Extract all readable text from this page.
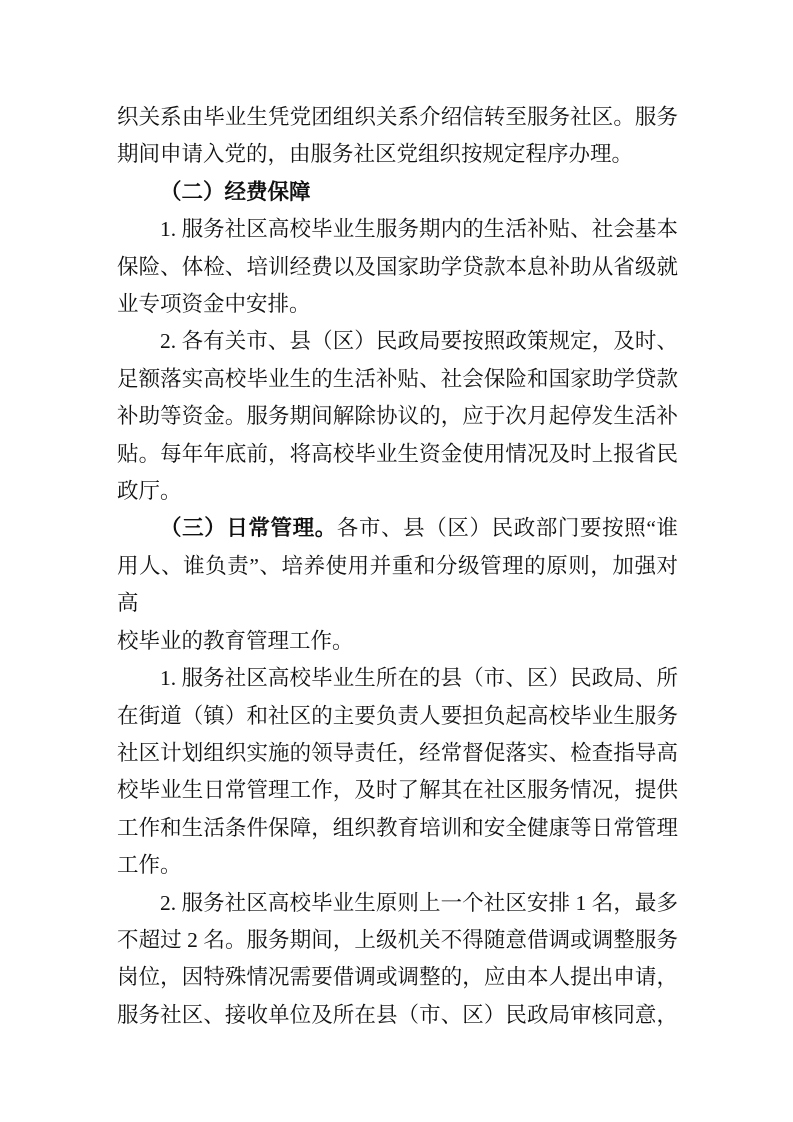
织关系由毕业生凭党团组织关系介绍信转至服务社区。服务
期间申请入党的，由服务社区党组织按规定程序办理。
（二）经费保障
1. 服务社区高校毕业生服务期内的生活补贴、社会基本
保险、体检、培训经费以及国家助学贷款本息补助从省级就
业专项资金中安排。
2. 各有关市、县（区）民政局要按照政策规定，及时、
足额落实高校毕业生的生活补贴、社会保险和国家助学贷款
补助等资金。服务期间解除协议的，应于次月起停发生活补
贴。每年年底前，将高校毕业生资金使用情况及时上报省民
政厅。
（三）日常管理。各市、县（区）民政部门要按照“谁
用人、谁负责”、培养使用并重和分级管理的原则，加强对高
校毕业的教育管理工作。
1. 服务社区高校毕业生所在的县（市、区）民政局、所
在街道（镇）和社区的主要负责人要担负起高校毕业生服务
社区计划组织实施的领导责任，经常督促落实、检查指导高
校毕业生日常管理工作，及时了解其在社区服务情况，提供
工作和生活条件保障，组织教育培训和安全健康等日常管理
工作。
2. 服务社区高校毕业生原则上一个社区安排 1 名，最多
不超过 2 名。服务期间，上级机关不得随意借调或调整服务
岗位，因特殊情况需要借调或调整的，应由本人提出申请，
服务社区、接收单位及所在县（市、区）民政局审核同意，
